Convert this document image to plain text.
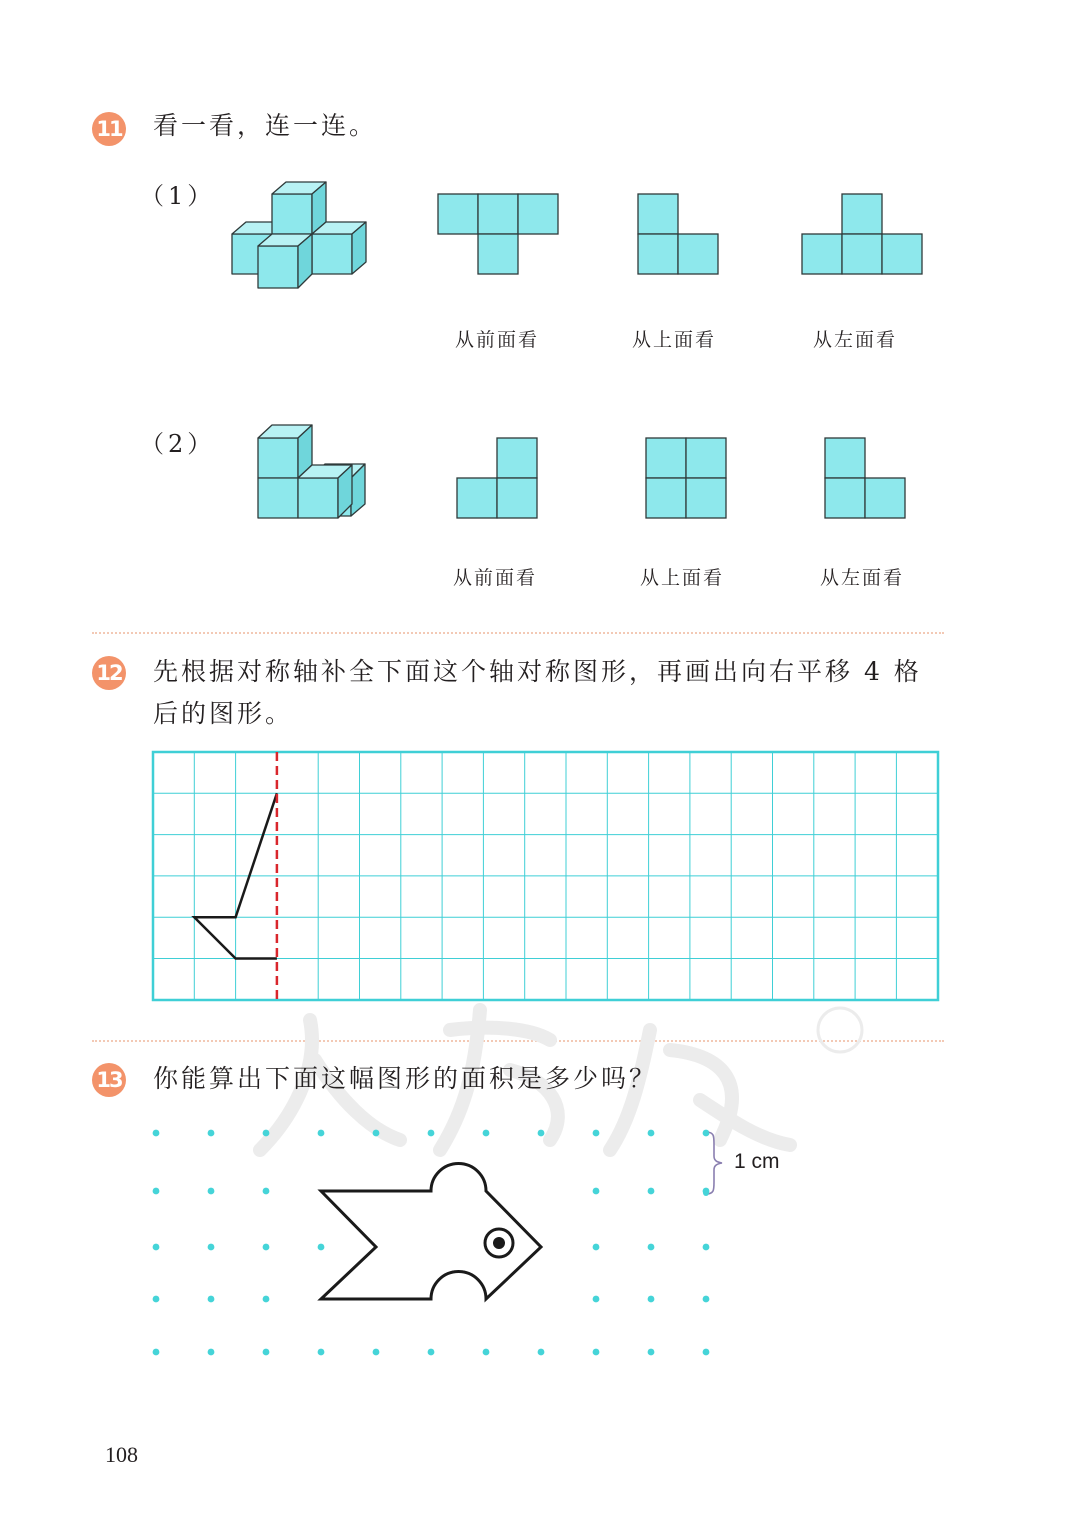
11 看一看，连一连。
（1）
从前面看	从上面看	从左面看
（2）
从前面看	从上面看	从左面看
12 先根据对称轴补全下面这个轴对称图形，再画出向右平移 4 格
后的图形。
13 你能算出下面这幅图形的面积是多少吗？
1 cm
108
